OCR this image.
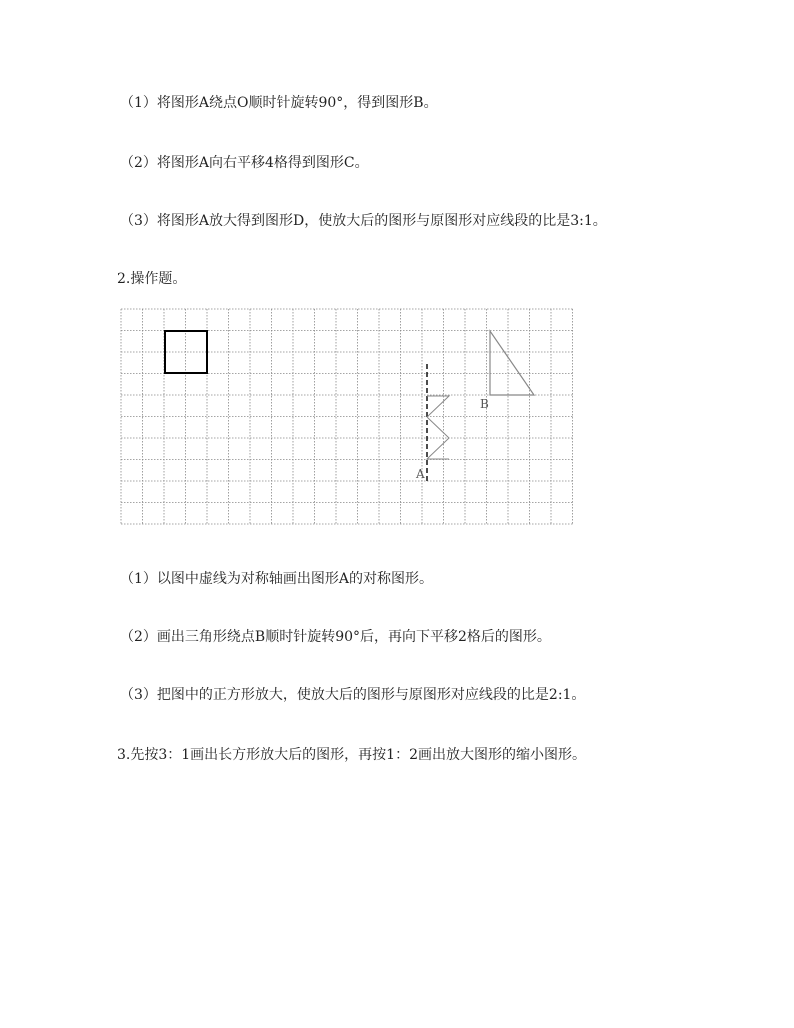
（1）将图形A绕点O顺时针旋转90°，得到图形B。
（2）将图形A向右平移4格得到图形C。
（3）将图形A放大得到图形D，使放大后的图形与原图形对应线段的比是3:1。
2.操作题。
A
B
（1）以图中虚线为对称轴画出图形A的对称图形。
（2）画出三角形绕点B顺时针旋转90°后，再向下平移2格后的图形。
（3）把图中的正方形放大，使放大后的图形与原图形对应线段的比是2:1。
3.先按3：1画出长方形放大后的图形，再按1：2画出放大图形的缩小图形。
